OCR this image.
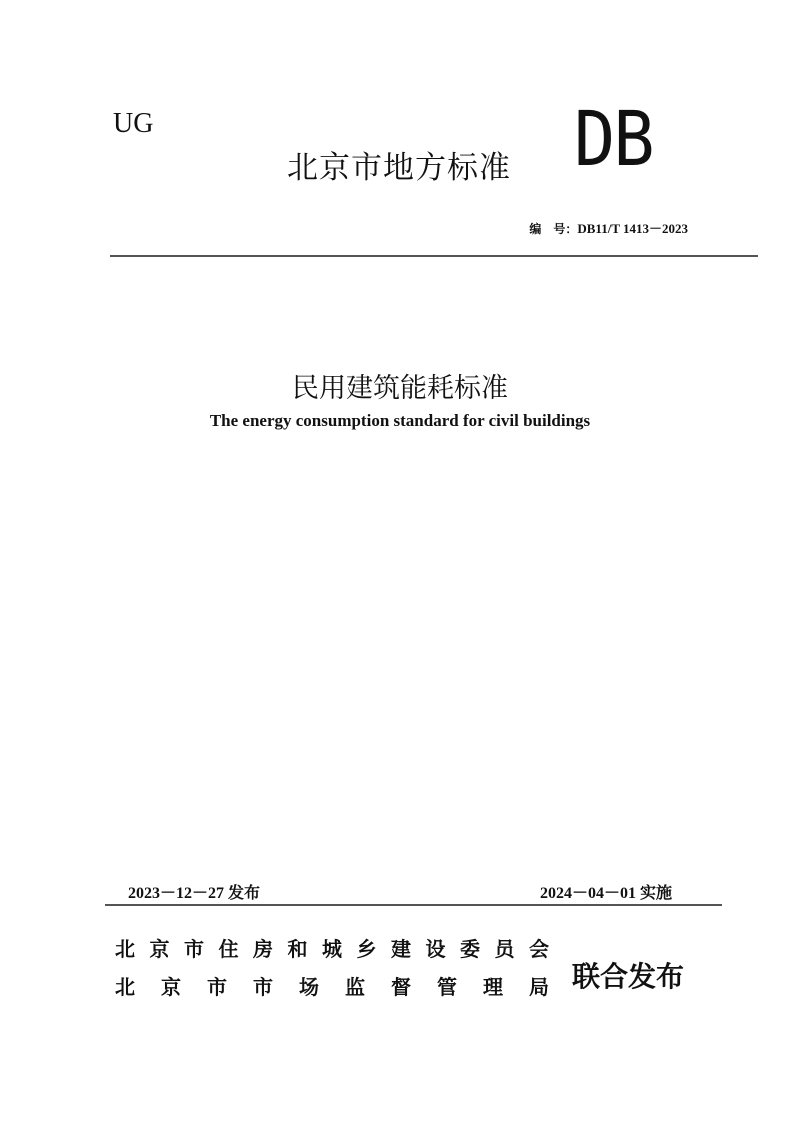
UG
北京市地方标准 DB
编　号：DB11/T 1413－2023
民用建筑能耗标准
The energy consumption standard for civil buildings
2023－12－27 发布	2024－04－01 实施
北 京 市 住 房 和 城 乡 建 设 委 员 会
北 京 市 市 场 监 督 管 理 局 联合发布
